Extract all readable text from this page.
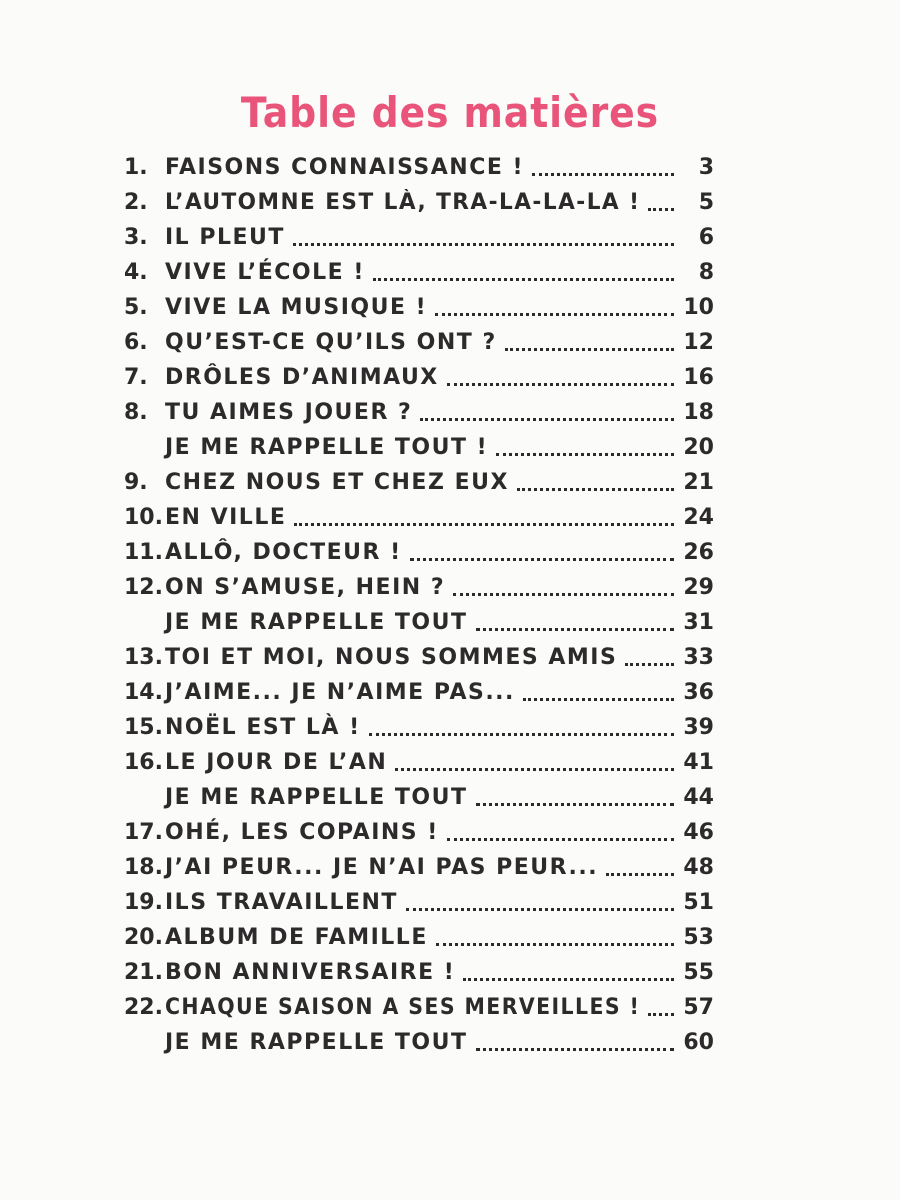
Table des matières
1. FAISONS CONNAISSANCE !	3
2. L’AUTOMNE EST LÀ, TRA-LA-LA-LA !	5
3. IL PLEUT	6
4. VIVE L’ÉCOLE !	8
5. VIVE LA MUSIQUE !	10
6. QU’EST-CE QU’ILS ONT ?	12
7. DRÔLES D’ANIMAUX	16
8. TU AIMES JOUER ?	18
JE ME RAPPELLE TOUT !	20
9. CHEZ NOUS ET CHEZ EUX	21
10. EN VILLE	24
11. ALLÔ, DOCTEUR !	26
12. ON S’AMUSE, HEIN ?	29
JE ME RAPPELLE TOUT	31
13. TOI ET MOI, NOUS SOMMES AMIS	33
14. J’AIME... JE N’AIME PAS...	36
15. NOËL EST LÀ !	39
16. LE JOUR DE L’AN	41
JE ME RAPPELLE TOUT	44
17. OHÉ, LES COPAINS !	46
18. J’AI PEUR... JE N’AI PAS PEUR...	48
19. ILS TRAVAILLENT	51
20. ALBUM DE FAMILLE	53
21. BON ANNIVERSAIRE !	55
22. CHAQUE SAISON A SES MERVEILLES ! 57
JE ME RAPPELLE TOUT	60
